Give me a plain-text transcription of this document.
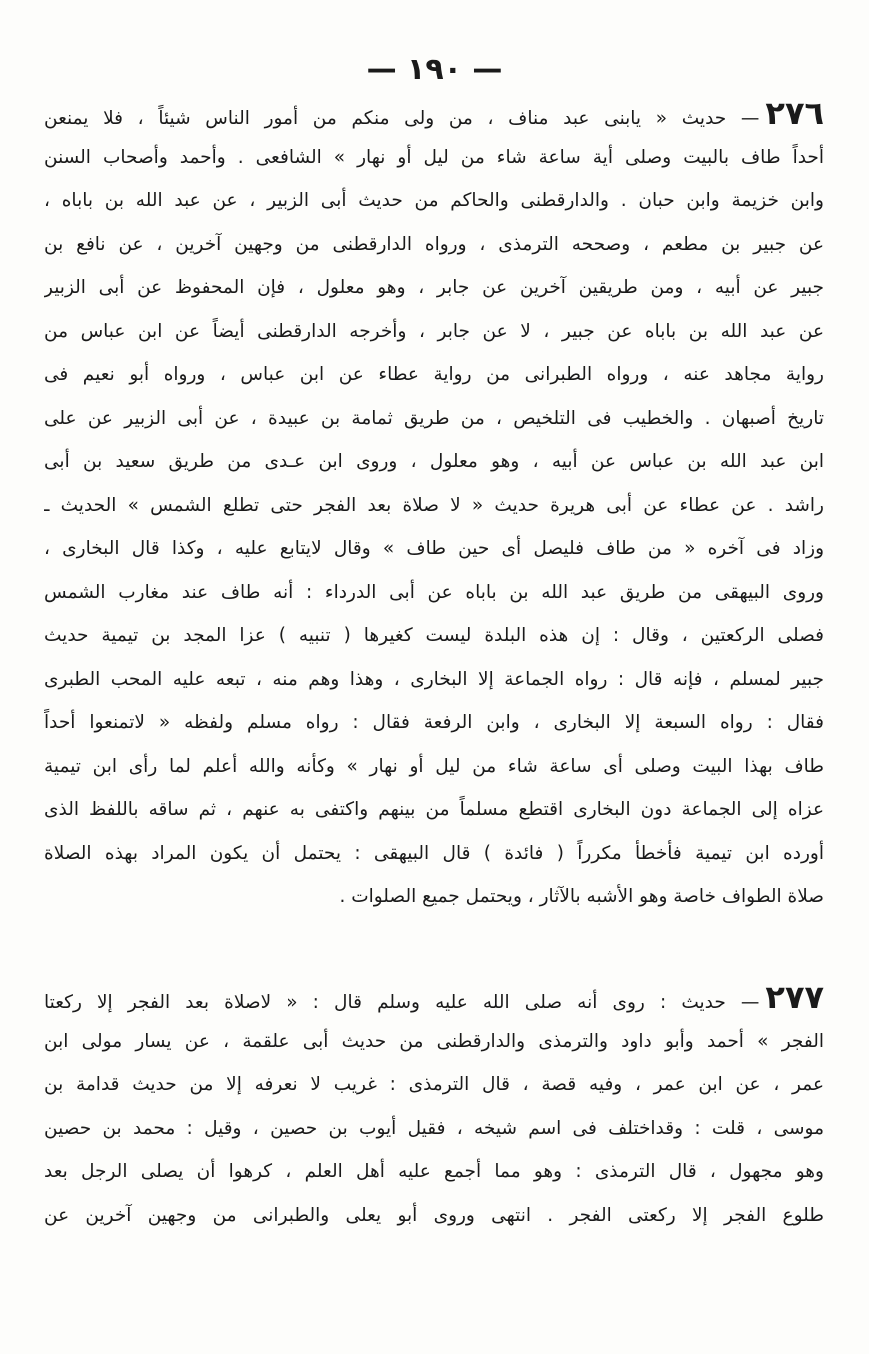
— ١٩٠ —
٢٧٦— حديث « يابنى عبد مناف ، من ولى منكم من أمور الناس شيئاً ، فلا يمنعن
أحداً طاف بالبيت وصلى أية ساعة شاء من ليل أو نهار » الشافعى . وأحمد وأصحاب السنن
وابن خزيمة وابن حبان . والدارقطنى والحاكم من حديث أبى الزبير ، عن عبد الله بن باباه ،
عن جبير بن مطعم ، وصححه الترمذى ، ورواه الدارقطنى من وجهين آخرين ، عن نافع بن
جبير عن أبيه ، ومن طريقين آخرين عن جابر ، وهو معلول ، فإن المحفوظ عن أبى الزبير
عن عبد الله بن باباه عن جبير ، لا عن جابر ، وأخرجه الدارقطنى أيضاً عن ابن عباس من
رواية مجاهد عنه ، ورواه الطبرانى من رواية عطاء عن ابن عباس ، ورواه أبو نعيم فى
تاريخ أصبهان . والخطيب فى التلخيص ، من طريق ثمامة بن عبيدة ، عن أبى الزبير عن على
ابن عبد الله بن عباس عن أبيه ، وهو معلول ، وروى ابن عـدى من طريق سعيد بن أبى
راشد . عن عطاء عن أبى هريرة حديث « لا صلاة بعد الفجر حتى تطلع الشمس » الحديث ـ
وزاد فى آخره « من طاف فليصل أى حين طاف » وقال لايتابع عليه ، وكذا قال البخارى ،
وروى البيهقى من طريق عبد الله بن باباه عن أبى الدرداء : أنه طاف عند مغارب الشمس
فصلى الركعتين ، وقال : إن هذه البلدة ليست كغيرها ( تنبيه ) عزا المجد بن تيمية حديث
جبير لمسلم ، فإنه قال : رواه الجماعة إلا البخارى ، وهذا وهم منه ، تبعه عليه المحب الطبرى
فقال : رواه السبعة إلا البخارى ، وابن الرفعة فقال : رواه مسلم ولفظه « لاتمنعوا أحداً
طاف بهذا البيت وصلى أى ساعة شاء من ليل أو نهار » وكأنه والله أعلم لما رأى ابن تيمية
عزاه إلى الجماعة دون البخارى اقتطع مسلماً من بينهم واكتفى به عنهم ، ثم ساقه باللفظ الذى
أورده ابن تيمية فأخطأ مكرراً ( فائدة ) قال البيهقى : يحتمل أن يكون المراد بهذه الصلاة
صلاة الطواف خاصة وهو الأشبه بالآثار ، ويحتمل جميع الصلوات .
٢٧٧— حديث : روى أنه صلى الله عليه وسلم قال : « لاصلاة بعد الفجر إلا ركعتا
الفجر » أحمد وأبو داود والترمذى والدارقطنى من حديث أبى علقمة ، عن يسار مولى ابن
عمر ، عن ابن عمر ، وفيه قصة ، قال الترمذى : غريب لا نعرفه إلا من حديث قدامة بن
موسى ، قلت : وقداختلف فى اسم شيخه ، فقيل أيوب بن حصين ، وقيل : محمد بن حصين
وهو مجهول ، قال الترمذى : وهو مما أجمع عليه أهل العلم ، كرهوا أن يصلى الرجل بعد
طلوع الفجر إلا ركعتى الفجر . انتهى وروى أبو يعلى والطبرانى من وجهين آخرين عن
